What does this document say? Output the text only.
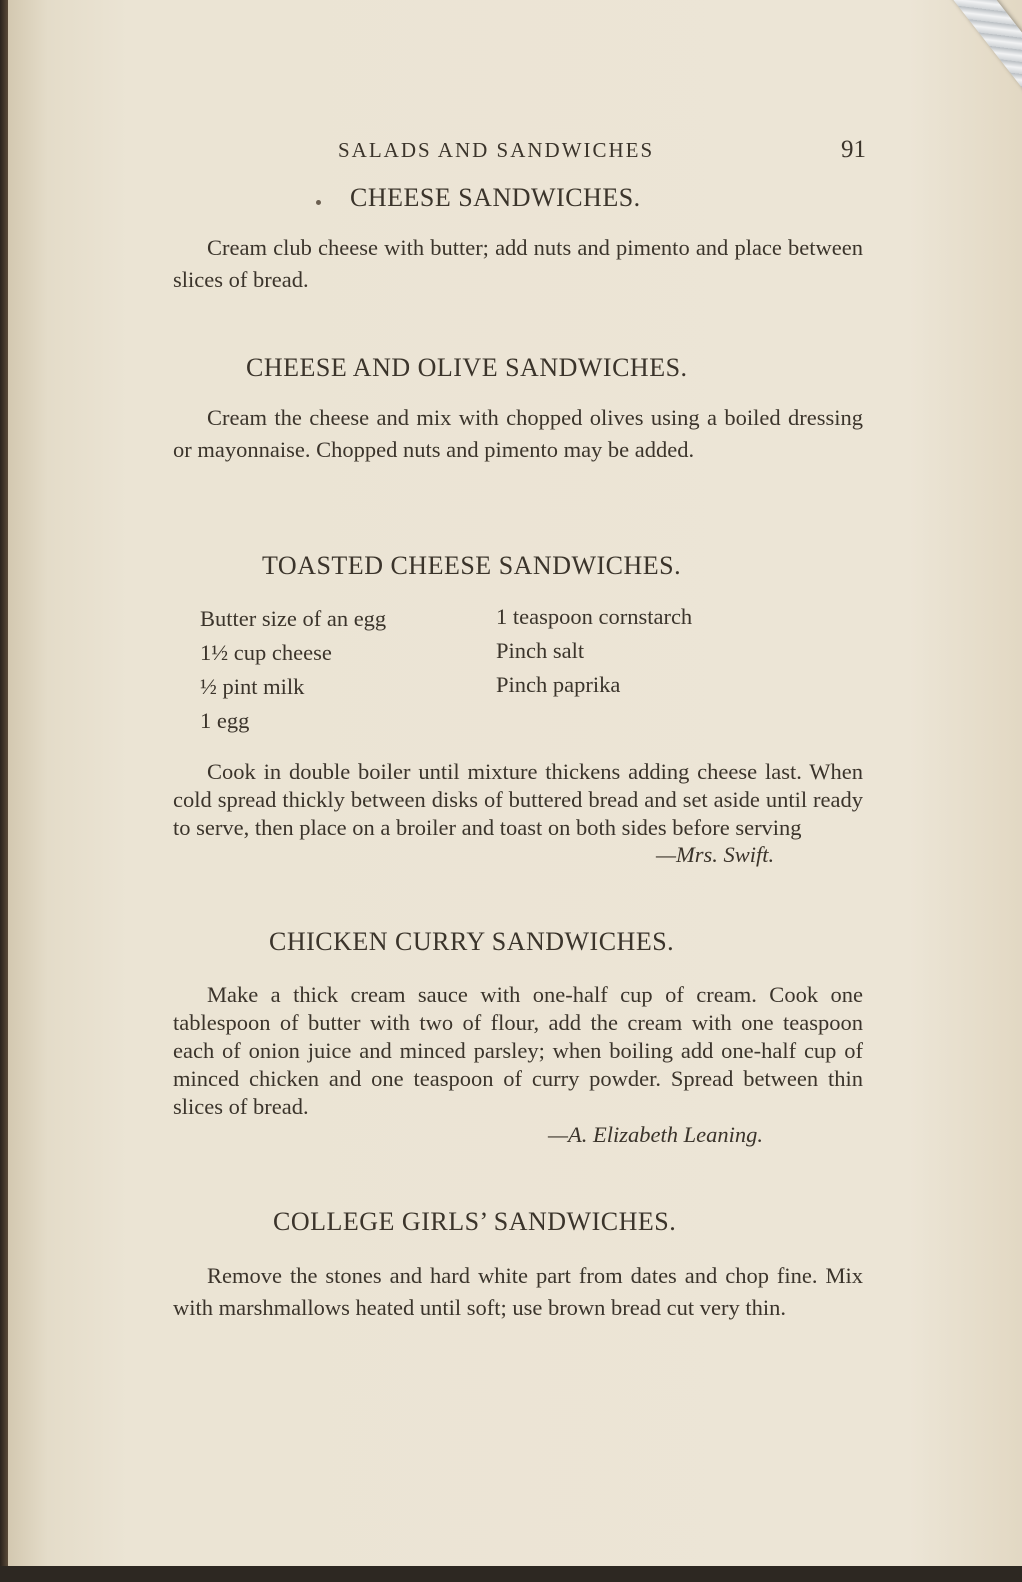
SALADS AND SANDWICHES	91
CHEESE SANDWICHES.
Cream club cheese with butter; add nuts and pimento and place between slices of bread.
CHEESE AND OLIVE SANDWICHES.
Cream the cheese and mix with chopped olives using a boiled dressing or mayonnaise. Chopped nuts and pimento may be added.
TOASTED CHEESE SANDWICHES.
Butter size of an egg
1½ cup cheese
½ pint milk
1 egg
1 teaspoon cornstarch
Pinch salt
Pinch paprika
Cook in double boiler until mixture thickens adding cheese last. When cold spread thickly between disks of buttered bread and set aside until ready to serve, then place on a broiler and toast on both sides before serving
—Mrs. Swift.
CHICKEN CURRY SANDWICHES.
Make a thick cream sauce with one-half cup of cream. Cook one tablespoon of butter with two of flour, add the cream with one teaspoon each of onion juice and minced parsley; when boiling add one-half cup of minced chicken and one teaspoon of curry powder. Spread between thin slices of bread.
—A. Elizabeth Leaning.
COLLEGE GIRLS’ SANDWICHES.
Remove the stones and hard white part from dates and chop fine. Mix with marshmallows heated until soft; use brown bread cut very thin.
